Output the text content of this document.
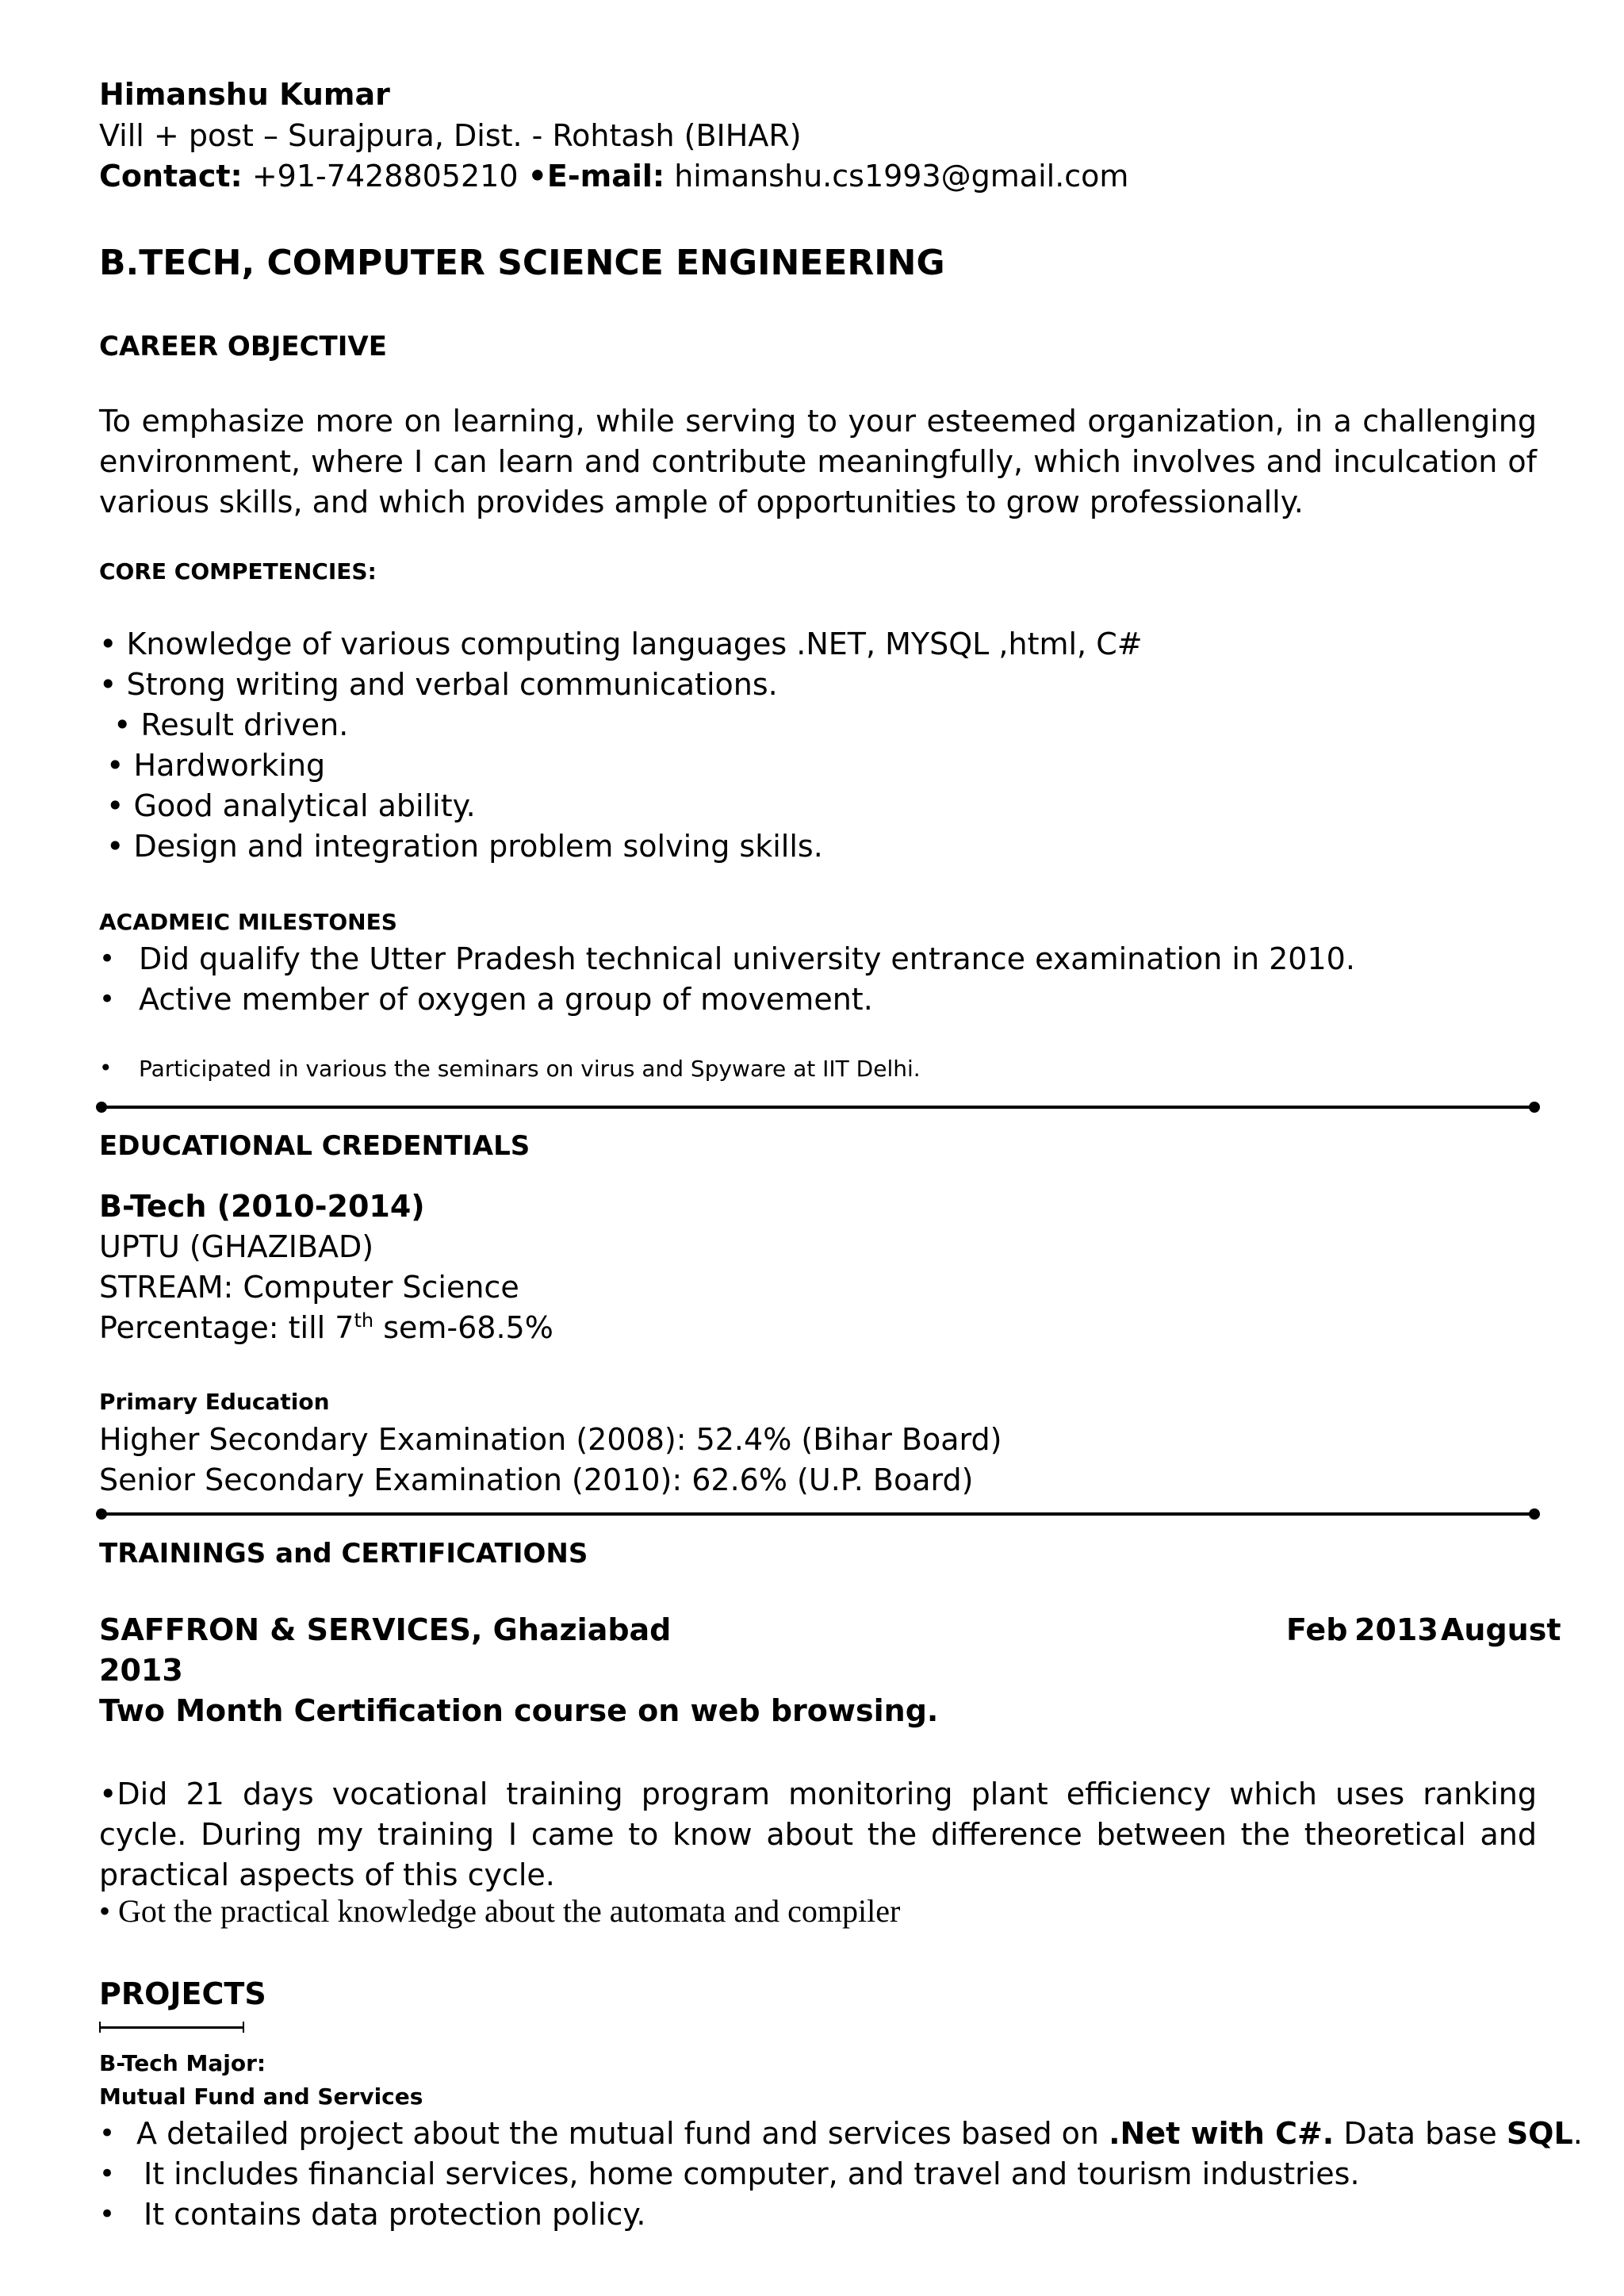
Himanshu Kumar

Vill + post – Surajpura, Dist. - Rohtash (BIHAR)

Contact: +91-7428805210 •E-mail: himanshu.cs1993@gmail.com

B.TECH, COMPUTER SCIENCE ENGINEERING

CAREER OBJECTIVE

To emphasize more on learning, while serving to your esteemed organization, in a challenging environment, where I can learn and contribute meaningfully, which involves and inculcation of various skills, and which provides ample of opportunities to grow professionally.

CORE COMPETENCIES:

• Knowledge of various computing languages .NET, MYSQL ,html, C#

• Strong writing and verbal communications.

• Result driven.

• Hardworking

• Good analytical ability.

• Design and integration problem solving skills.

ACADMEIC MILESTONES

• Did qualify the Utter Pradesh technical university entrance examination in 2010.

• Active member of oxygen a group of movement.

• Participated in various the seminars on virus and Spyware at IIT Delhi.

EDUCATIONAL CREDENTIALS

B-Tech (2010-2014)

UPTU (GHAZIBAD)

STREAM: Computer Science

Percentage: till 7th sem-68.5%

Primary Education

Higher Secondary Examination (2008): 52.4% (Bihar Board)

Senior Secondary Examination (2010): 62.6% (U.P. Board)

TRAININGS and CERTIFICATIONS

SAFFRON & SERVICES, Ghaziabad	Feb 2013 August

2013

Two Month Certification course on web browsing.

•Did 21 days vocational training program monitoring plant efficiency which uses ranking cycle. During my training I came to know about the difference between the theoretical and practical aspects of this cycle.

• Got the practical knowledge about the automata and compiler

PROJECTS

B-Tech Major:

Mutual Fund and Services

• A detailed project about the mutual fund and services based on .Net with C#. Data base SQL.

• It includes financial services, home computer, and travel and tourism industries.

• It contains data protection policy.
